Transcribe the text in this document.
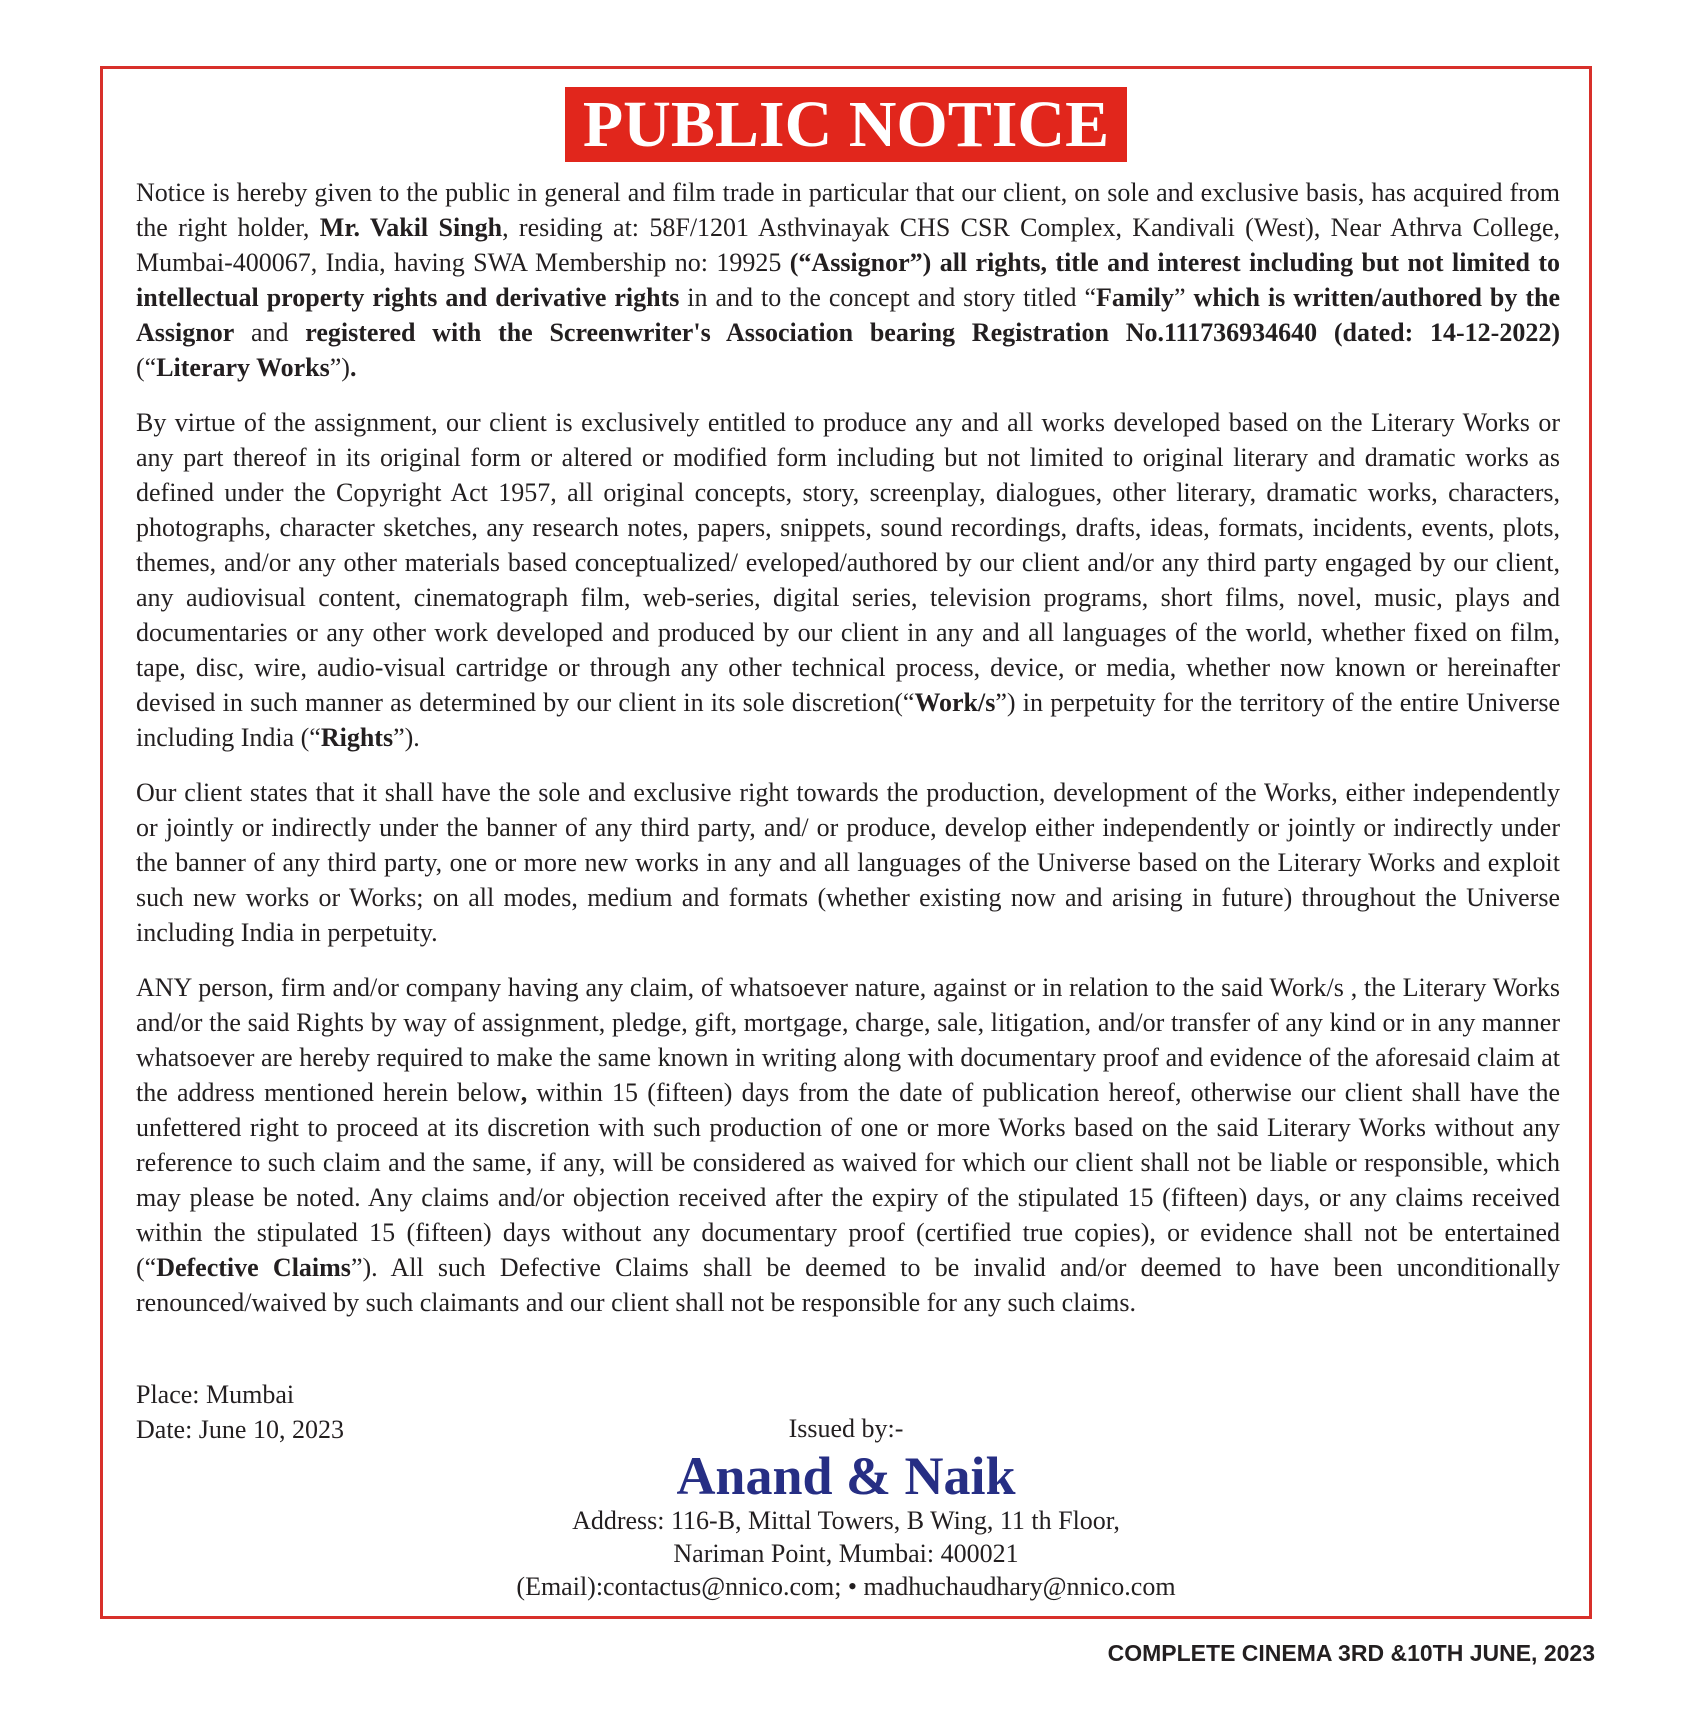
PUBLIC NOTICE

Notice is hereby given to the public in general and film trade in particular that our client, on sole and exclusive basis, has acquired from the right holder, Mr. Vakil Singh, residing at: 58F/1201 Asthvinayak CHS CSR Complex, Kandivali (West), Near Athrva College, Mumbai-400067, India, having SWA Membership no: 19925 (“Assignor”) all rights, title and interest including but not limited to intellectual property rights and derivative rights in and to the concept and story titled “Family” which is written/authored by the Assignor and registered with the Screenwriter's Association bearing Registration No.111736934640 (dated: 14-12-2022)(“Literary Works”).

By virtue of the assignment, our client is exclusively entitled to produce any and all works developed based on the Literary Works or any part thereof in its original form or altered or modified form including but not limited to original literary and dramatic works as defined under the Copyright Act 1957, all original concepts, story, screenplay, dialogues, other literary, dramatic works, characters, photographs, character sketches, any research notes, papers, snippets, sound recordings, drafts, ideas, formats, incidents, events, plots, themes, and/or any other materials based conceptualized/ eveloped/authored by our client and/or any third party engaged by our client, any audiovisual content, cinematograph film, web-series, digital series, television programs, short films, novel, music, plays and documentaries or any other work developed and produced by our client in any and all languages of the world, whether fixed on film, tape, disc, wire, audio-visual cartridge or through any other technical process, device, or media, whether now known or hereinafter devised in such manner as determined by our client in its sole discretion(“Work/s”) in perpetuity for the territory of the entire Universe including India (“Rights”).

Our client states that it shall have the sole and exclusive right towards the production, development of the Works, either independently or jointly or indirectly under the banner of any third party, and/ or produce, develop either independently or jointly or indirectly under the banner of any third party, one or more new works in any and all languages of the Universe based on the Literary Works and exploit such new works or Works; on all modes, medium and formats (whether existing now and arising in future) throughout the Universe including India in perpetuity.

ANY person, firm and/or company having any claim, of whatsoever nature, against or in relation to the said Work/s , the Literary Works and/or the said Rights by way of assignment, pledge, gift, mortgage, charge, sale, litigation, and/or transfer of any kind or in any manner whatsoever are hereby required to make the same known in writing along with documentary proof and evidence of the aforesaid claim at the address mentioned herein below, within 15 (fifteen) days from the date of publication hereof, otherwise our client shall have the unfettered right to proceed at its discretion with such production of one or more Works based on the said Literary Works without any reference to such claim and the same, if any, will be considered as waived for which our client shall not be liable or responsible, which may please be noted. Any claims and/or objection received after the expiry of the stipulated 15 (fifteen) days, or any claims received within the stipulated 15 (fifteen) days without any documentary proof (certified true copies), or evidence shall not be entertained (“Defective Claims”). All such Defective Claims shall be deemed to be invalid and/or deemed to have been unconditionally renounced/waived by such claimants and our client shall not be responsible for any such claims.

Place: Mumbai
Date: June 10, 2023	Issued by:-
Anand & Naik
Address: 116-B, Mittal Towers, B Wing, 11 th Floor,
Nariman Point, Mumbai: 400021
(Email):contactus@nnico.com; • madhuchaudhary@nnico.com
COMPLETE CINEMA 3RD &10TH JUNE, 2023
